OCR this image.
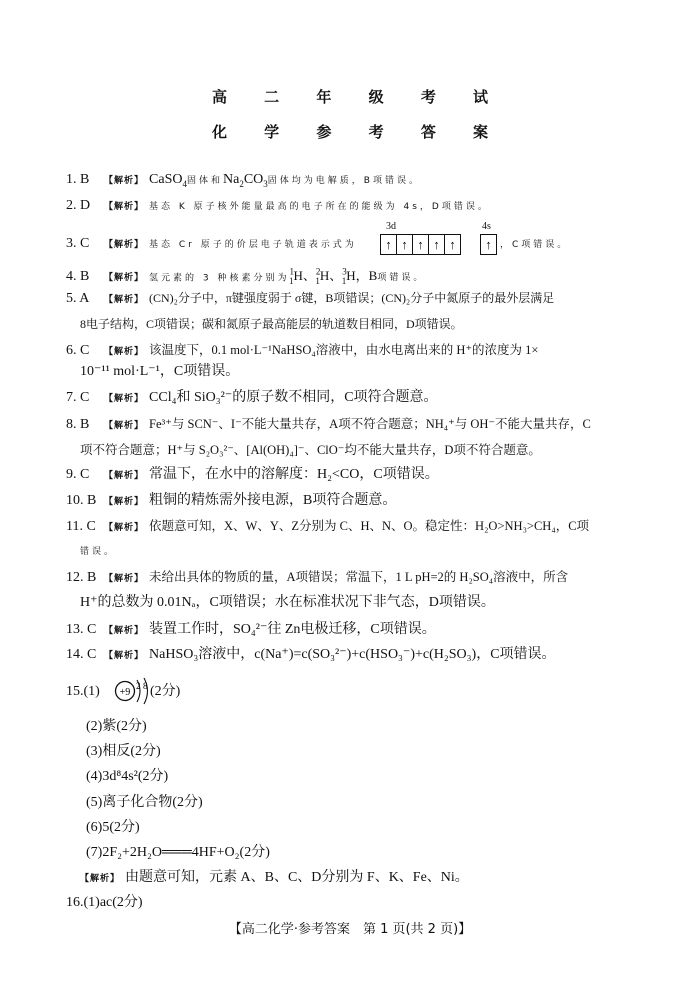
高 二 年 级 考 试
化 学 参 考 答 案
1. B 【解析】 CaSO$_4$固体和$Na_2CO_3$固体均为电解质，B项错误。
2. D 【解析】 基态 K 原子核外能量最高的电子所在的能级为 4s，D项错误。
3d	4s
3. C 【解析】 基态 Cr 原子的价层电子轨道表示式为	↑ ↑ ↑ ↑ ↑	↑ ，C项错误。
4. B 【解析】 氢元素的 3 种核素分别为$^1_1$H、$^2_1$H、$^3_1$H，B项错误。
5. A 【解析】 (CN)₂分子中，π键强度弱于 σ键，B项错误；(CN)₂分子中氮原子的最外层满足
8电子结构，C项错误；碳和氮原子最高能层的轨道数目相同，D项错误。
6. C 【解析】 该温度下，0.1 mol·L⁻¹NaHSO₄溶液中，由水电离出来的 H⁺的浓度为 1×
10⁻¹¹ mol·L⁻¹，C项错误。
7. C 【解析】 CCl₄和 SiO₃²⁻的原子数不相同，C项符合题意。
8. B 【解析】 Fe³⁺与 SCN⁻、I⁻不能大量共存，A项不符合题意；NH₄⁺与 OH⁻不能大量共存，C
项不符合题意；H⁺与 S₂O₃²⁻、[Al(OH)₄]⁻、ClO⁻均不能大量共存，D项不符合题意。
9. C 【解析】 常温下，在水中的溶解度：H₂<CO，C项错误。
10. B 【解析】 粗铜的精炼需外接电源，B项符合题意。
11. C 【解析】 依题意可知，X、W、Y、Z分别为 C、H、N、O。稳定性：H₂O>NH₃>CH₄，C项
错误。
12. B 【解析】 未给出具体的物质的量，A项错误；常温下，1 L pH=2的 H₂SO₄溶液中，所含
H⁺的总数为 0.01Nₐ，C项错误；水在标准状况下非气态，D项错误。
13. C 【解析】 装置工作时，SO₄²⁻往 Zn电极迁移，C项错误。
14. C 【解析】 NaHSO₃溶液中，c(Na⁺)=c(SO₃²⁻)+c(HSO₃⁻)+c(H₂SO₃)，C项错误。
15.(1) +9
2 8 (2分)
(2)紫(2分)
(3)相反(2分)
(4)3d⁸4s²(2分)
(5)离子化合物(2分)
(6)5(2分)
(7)2F₂+2H₂O═══4HF+O₂(2分)
【解析】 由题意可知，元素 A、B、C、D分别为 F、K、Fe、Ni。
16.(1)ac(2分)
【高二化学·参考答案　第 1 页(共 2 页)】
